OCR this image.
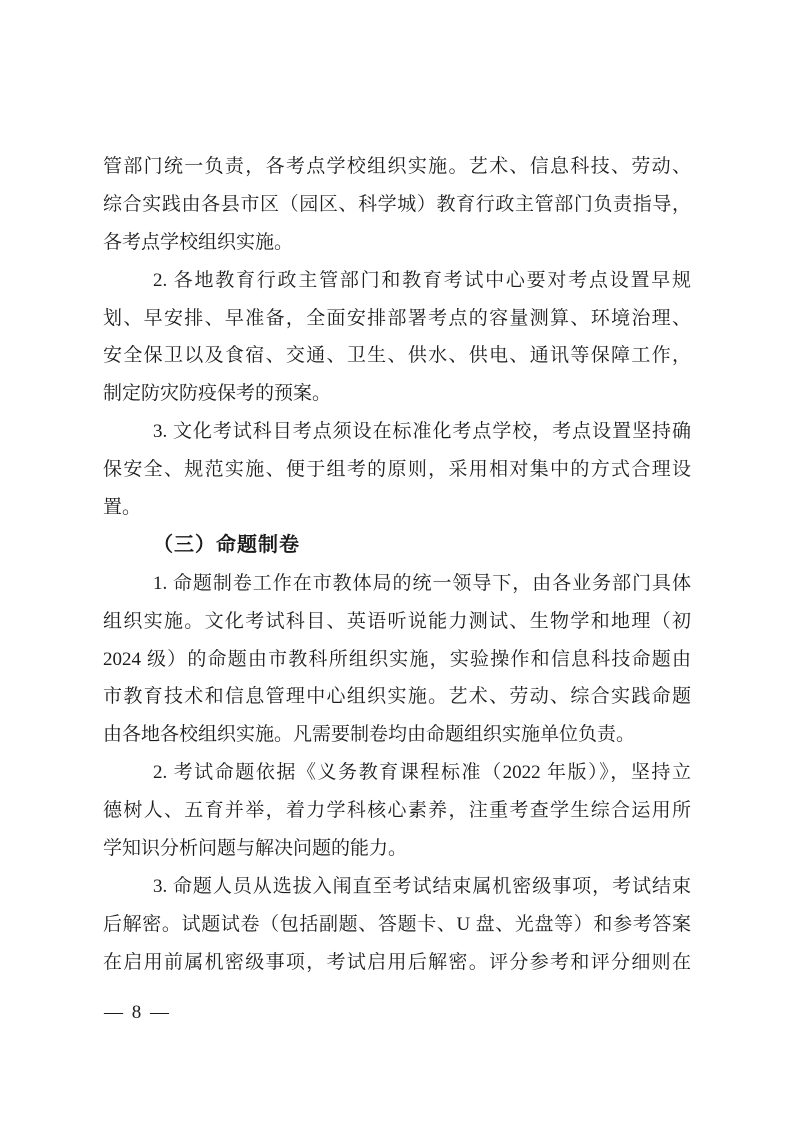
管部门统一负责，各考点学校组织实施。艺术、信息科技、劳动、
综合实践由各县市区（园区、科学城）教育行政主管部门负责指导，
各考点学校组织实施。
2. 各地教育行政主管部门和教育考试中心要对考点设置早规
划、早安排、早准备，全面安排部署考点的容量测算、环境治理、
安全保卫以及食宿、交通、卫生、供水、供电、通讯等保障工作，
制定防灾防疫保考的预案。
3. 文化考试科目考点须设在标准化考点学校，考点设置坚持确
保安全、规范实施、便于组考的原则，采用相对集中的方式合理设
置。
（三）命题制卷
1. 命题制卷工作在市教体局的统一领导下，由各业务部门具体
组织实施。文化考试科目、英语听说能力测试、生物学和地理（初
2024 级）的命题由市教科所组织实施，实验操作和信息科技命题由
市教育技术和信息管理中心组织实施。艺术、劳动、综合实践命题
由各地各校组织实施。凡需要制卷均由命题组织实施单位负责。
2. 考试命题依据《义务教育课程标准（2022 年版）》，坚持立
德树人、五育并举，着力学科核心素养，注重考查学生综合运用所
学知识分析问题与解决问题的能力。
3. 命题人员从选拔入闱直至考试结束属机密级事项，考试结束
后解密。试题试卷（包括副题、答题卡、U 盘、光盘等）和参考答案
在启用前属机密级事项，考试启用后解密。评分参考和评分细则在
— 8 —
